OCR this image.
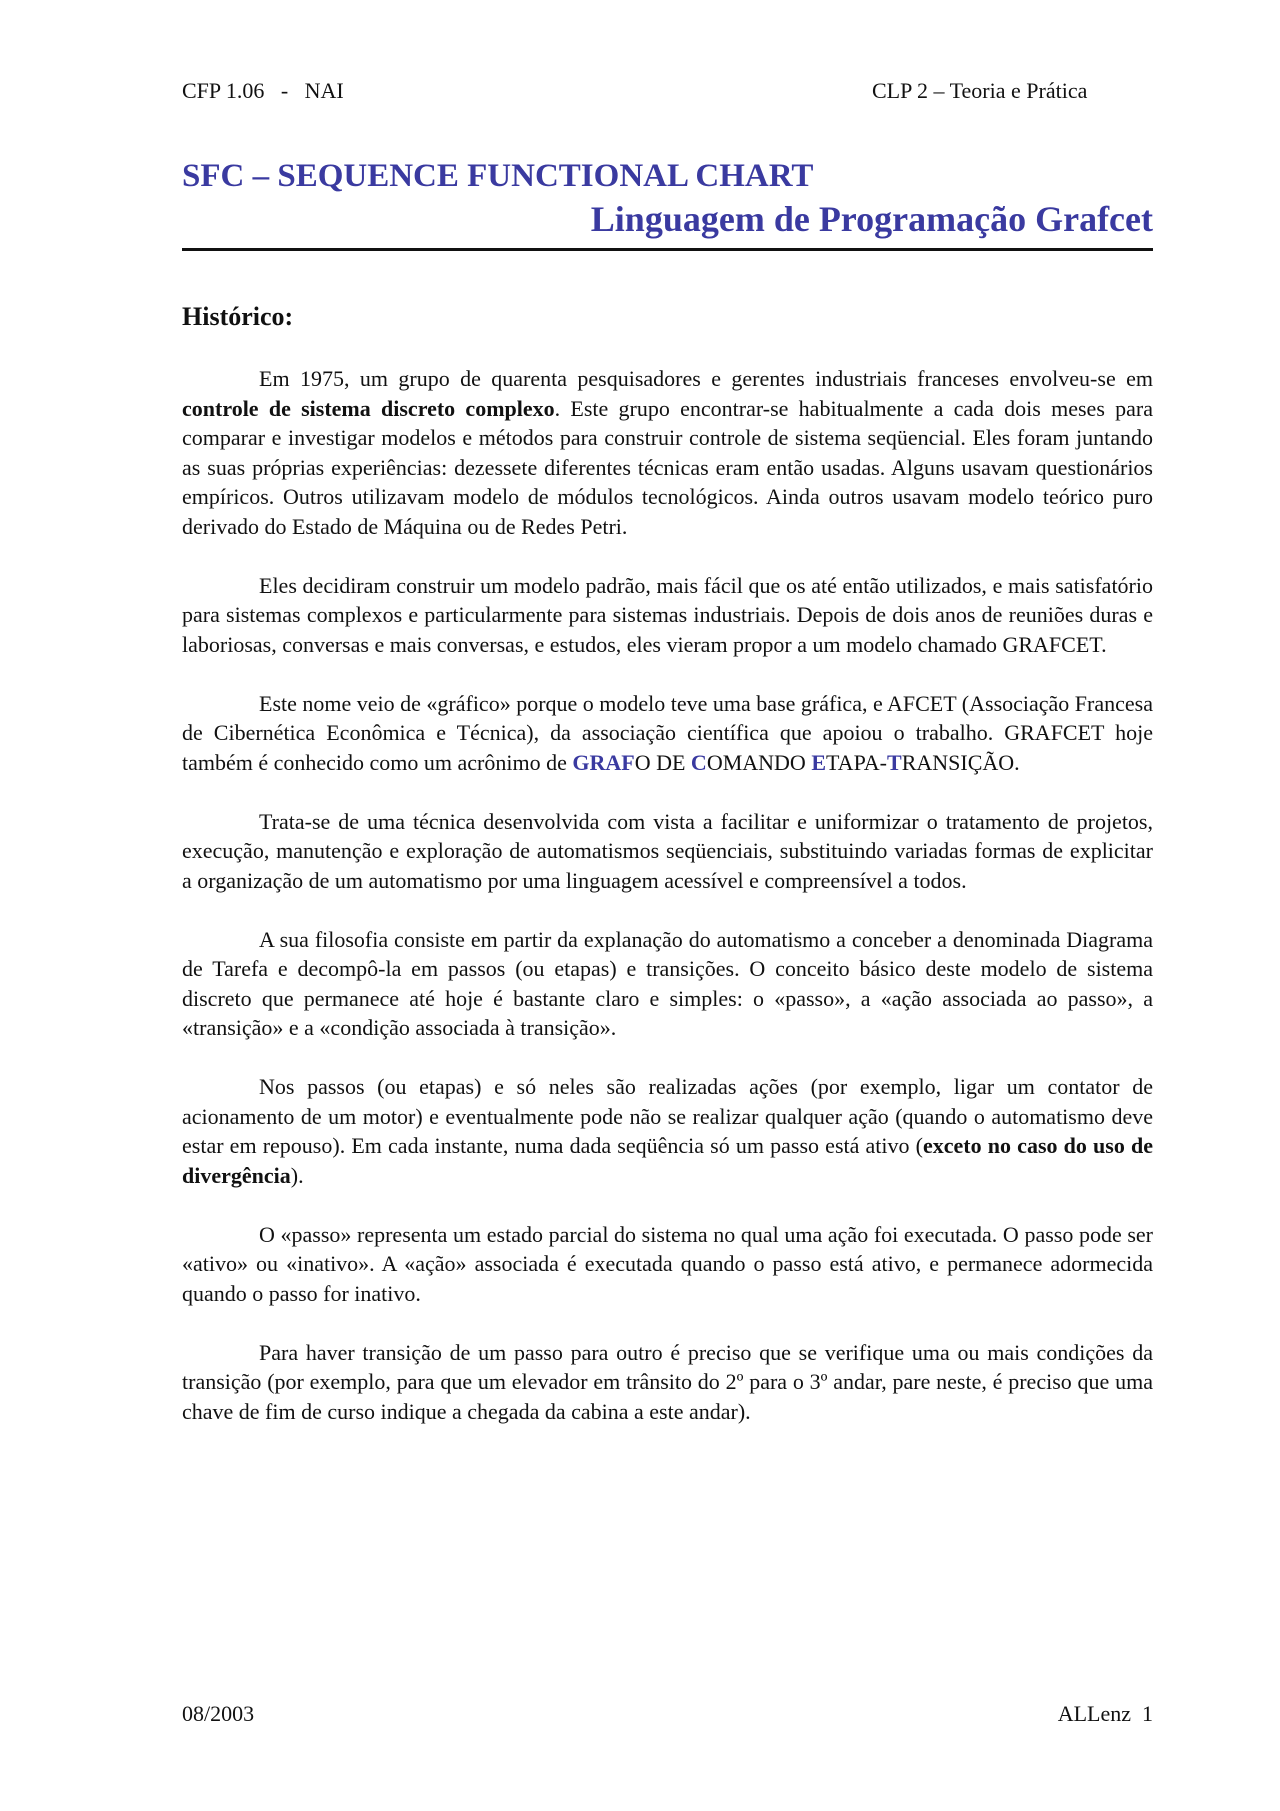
CFP 1.06   -   NAI	CLP 2 – Teoria e Prática
SFC – SEQUENCE FUNCTIONAL CHART
Linguagem de Programação Grafcet
Histórico:

Em 1975, um grupo de quarenta pesquisadores e gerentes industriais franceses envolveu-se em controle de sistema discreto complexo. Este grupo encontrar-se habitualmente a cada dois meses para comparar e investigar modelos e métodos para construir controle de sistema seqüencial. Eles foram juntando as suas próprias experiências: dezessete diferentes técnicas eram então usadas. Alguns usavam questionários empíricos. Outros utilizavam modelo de módulos tecnológicos. Ainda outros usavam modelo teórico puro derivado do Estado de Máquina ou de Redes Petri.

Eles decidiram construir um modelo padrão, mais fácil que os até então utilizados, e mais satisfatório para sistemas complexos e particularmente para sistemas industriais. Depois de dois anos de reuniões duras e laboriosas, conversas e mais conversas, e estudos, eles vieram propor a um modelo chamado GRAFCET.

Este nome veio de «gráfico» porque o modelo teve uma base gráfica, e AFCET (Associação Francesa de Cibernética Econômica e Técnica), da associação científica que apoiou o trabalho. GRAFCET hoje também é conhecido como um acrônimo de GRAFO DE COMANDO ETAPA-TRANSIÇÃO.

Trata-se de uma técnica desenvolvida com vista a facilitar e uniformizar o tratamento de projetos, execução, manutenção e exploração de automatismos seqüenciais, substituindo variadas formas de explicitar a organização de um automatismo por uma linguagem acessível e compreensível a todos.

A sua filosofia consiste em partir da explanação do automatismo a conceber a denominada Diagrama de Tarefa e decompô-la em passos (ou etapas) e transições. O conceito básico deste modelo de sistema discreto que permanece até hoje é bastante claro e simples: o «passo», a «ação associada ao passo», a «transição» e a «condição associada à transição».

Nos passos (ou etapas) e só neles são realizadas ações (por exemplo, ligar um contator de acionamento de um motor) e eventualmente pode não se realizar qualquer ação (quando o automatismo deve estar em repouso). Em cada instante, numa dada seqüência só um passo está ativo (exceto no caso do uso de divergência).

O «passo» representa um estado parcial do sistema no qual uma ação foi executada. O passo pode ser «ativo» ou «inativo». A «ação» associada é executada quando o passo está ativo, e permanece adormecida quando o passo for inativo.

Para haver transição de um passo para outro é preciso que se verifique uma ou mais condições da transição (por exemplo, para que um elevador em trânsito do 2º para o 3º andar, pare neste, é preciso que uma chave de fim de curso indique a chegada da cabina a este andar).

08/2003	ALLenz  1
